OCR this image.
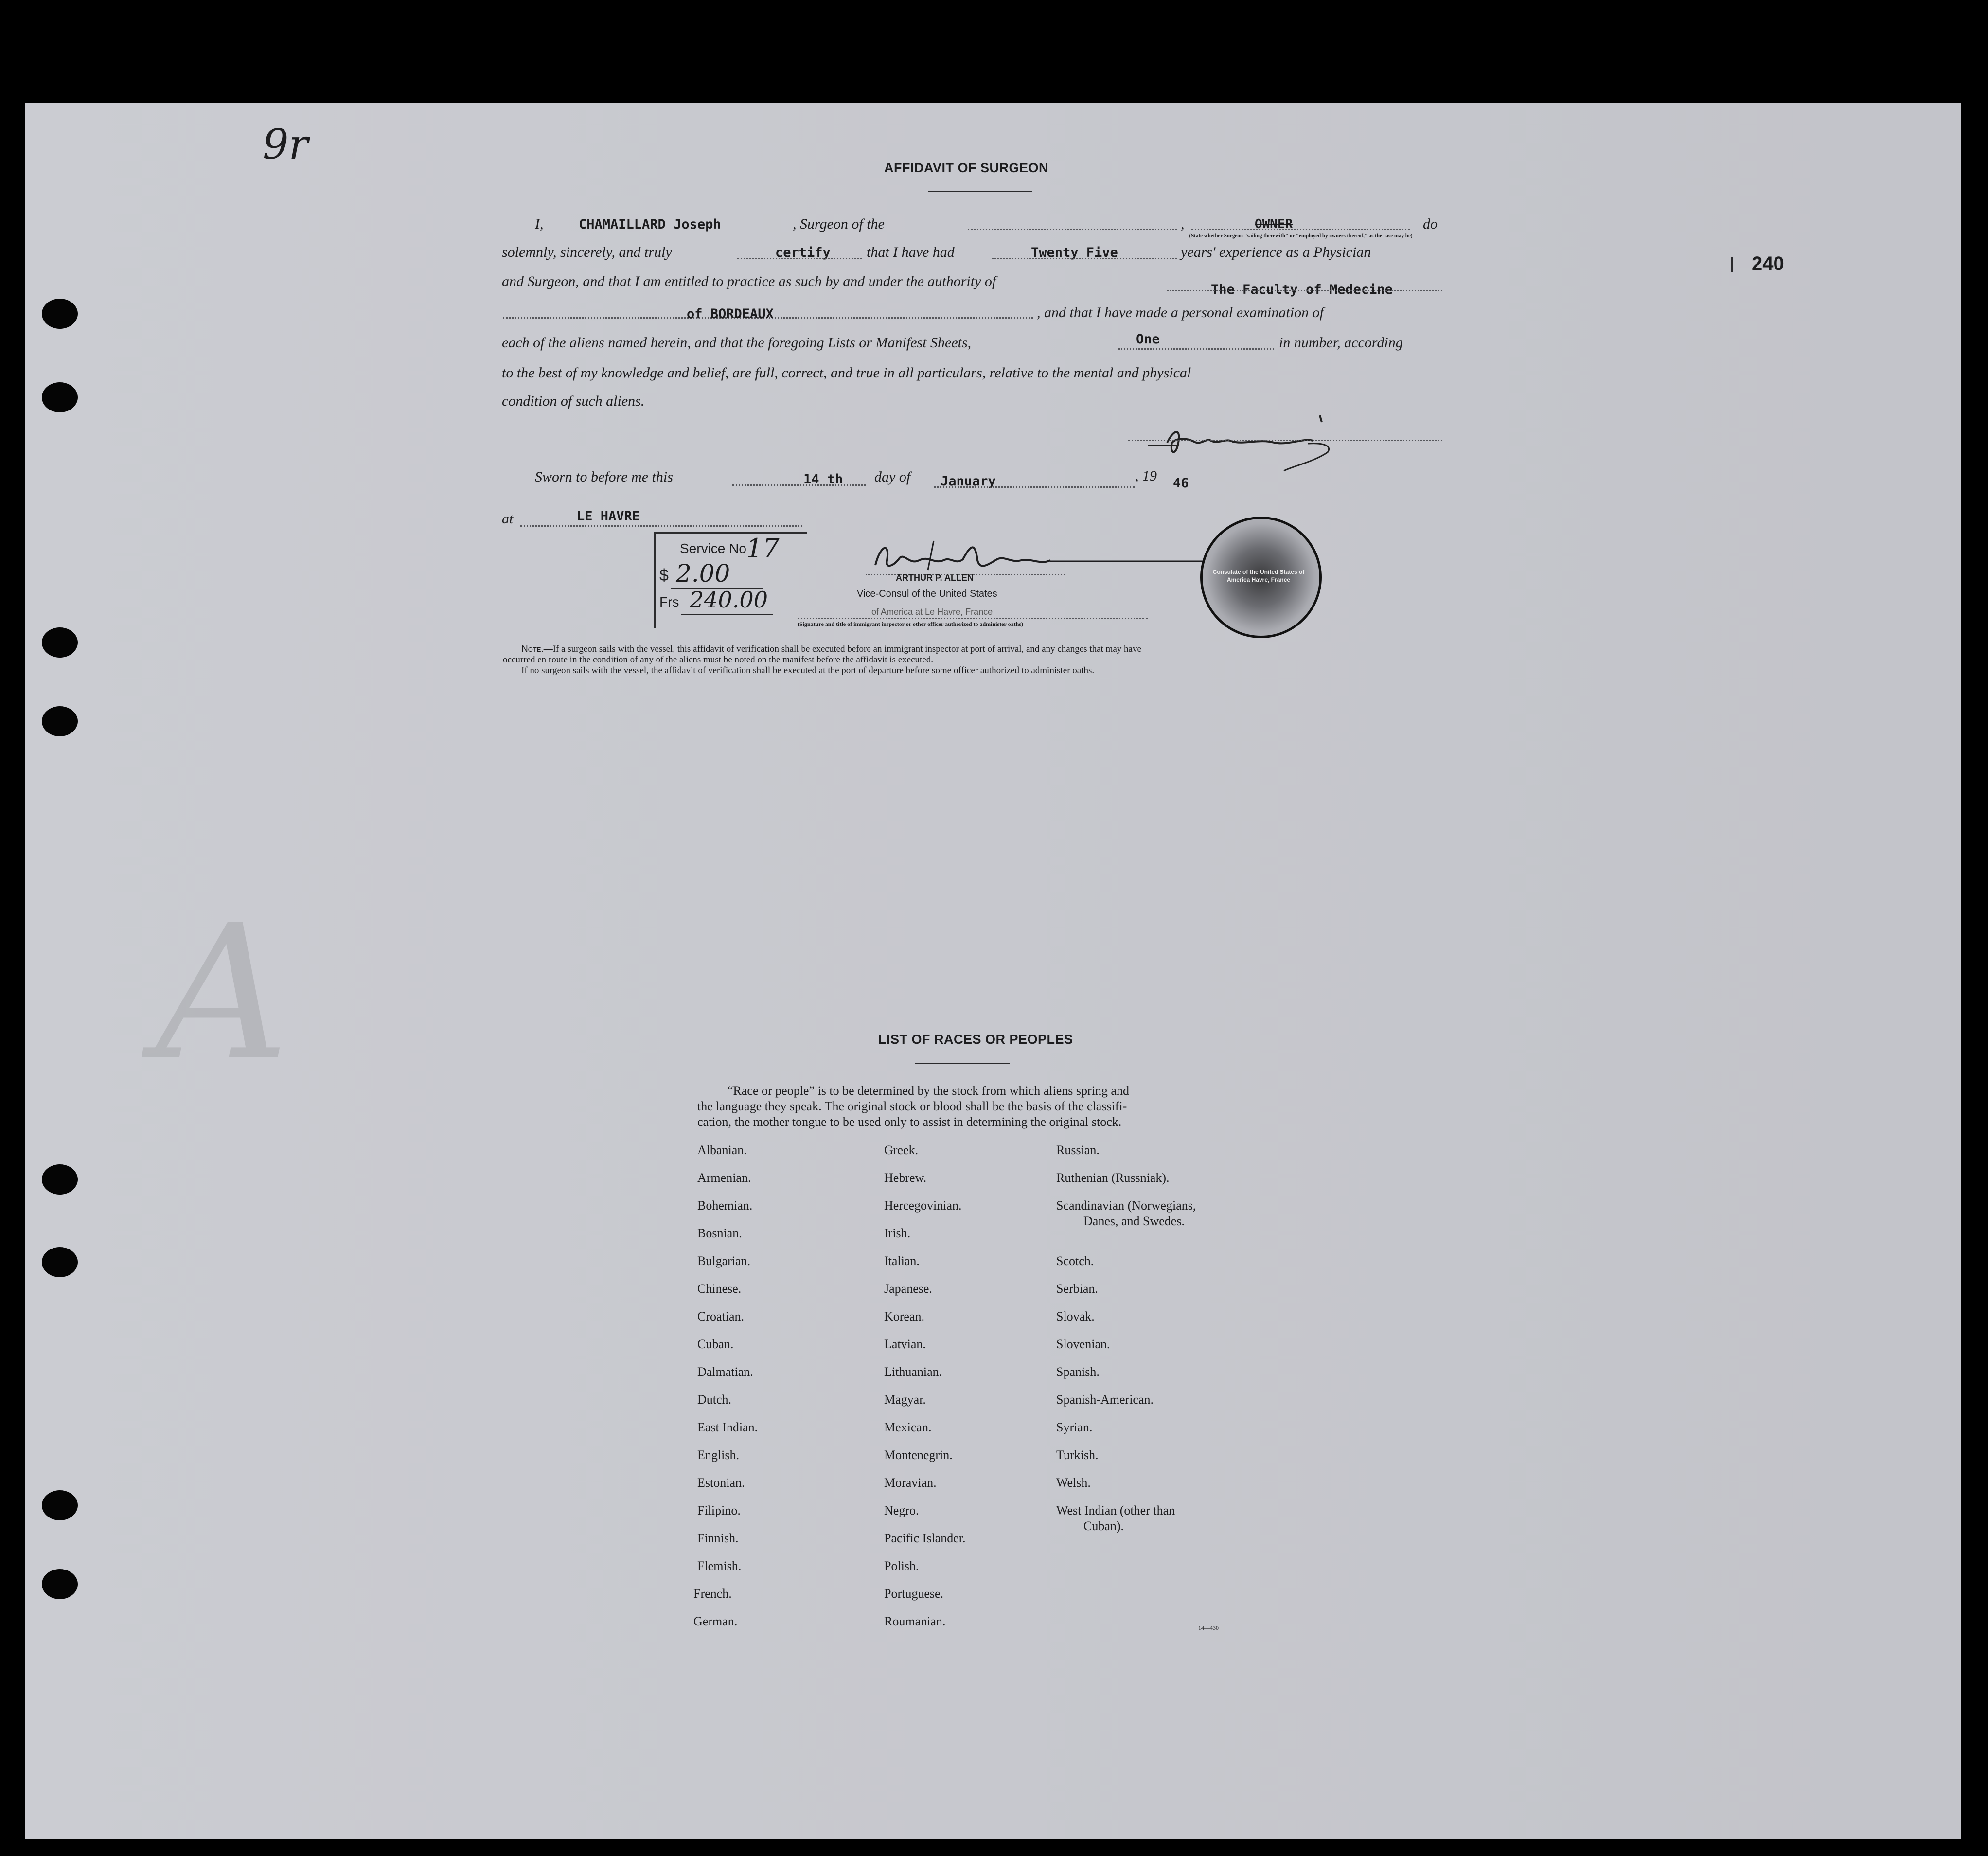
9r
240
AFFIDAVIT OF SURGEON
I,	CHAMAILLARD Joseph	, Surgeon of the	,	OWNER
(State whether Surgeon "sailing therewith" or "employed by owners thereof," as the case may be)
do
solemnly, sincerely, and truly	certify that I have had	Twenty Five	years' experience as a Physician
and Surgeon, and that I am entitled to practice as such by and under the authority of
The Faculty of Medecine
of BORDEAUX	, and that I have made a personal examination of
each of the aliens named herein, and that the foregoing Lists or Manifest Sheets,	One	in number, according
to the best of my knowledge and belief, are full, correct, and true in all particulars, relative to the mental and physical
condition of such aliens.
Sworn to before me this	14 th day of January	, 19 46
at	LE HAVRE
Service No 17
$ 2.00
Frs 240.00
ARTHUR P. ALLEN
Vice-Consul of the United States
of America at Le Havre, France
(Signature and title of immigrant inspector or other officer authorized to administer oaths)
Consulate of the United States of America Havre, France
Note.—If a surgeon sails with the vessel, this affidavit of verification shall be executed before an immigrant inspector at port of arrival, and any changes that may have
occurred en route in the condition of any of the aliens must be noted on the manifest before the affidavit is executed.
If no surgeon sails with the vessel, the affidavit of verification shall be executed at the port of departure before some officer authorized to administer oaths.
A	LIST OF RACES OR PEOPLES
“Race or people” is to be determined by the stock from which aliens spring and
the language they speak. The original stock or blood shall be the basis of the classifi-
cation, the mother tongue to be used only to assist in determining the original stock.
Albanian.
Armenian.
Bohemian.
Bosnian.
Bulgarian.
Chinese.
Croatian.
Cuban.
Dalmatian.
Dutch.
East Indian.
English.
Estonian.
Filipino.
Finnish.
Flemish.
French.
German.
Greek.
Hebrew.
Hercegovinian.
Irish.
Italian.
Japanese.
Korean.
Latvian.
Lithuanian.
Magyar.
Mexican.
Montenegrin.
Moravian.
Negro.
Pacific Islander.
Polish.
Portuguese.
Roumanian.
Russian.
Ruthenian (Russniak).
Scandinavian (Norwegians,
Danes, and Swedes.
Scotch.
Serbian.
Slovak.
Slovenian.
Spanish.
Spanish-American.
Syrian.
Turkish.
Welsh.
West Indian (other than
Cuban).
14—430
